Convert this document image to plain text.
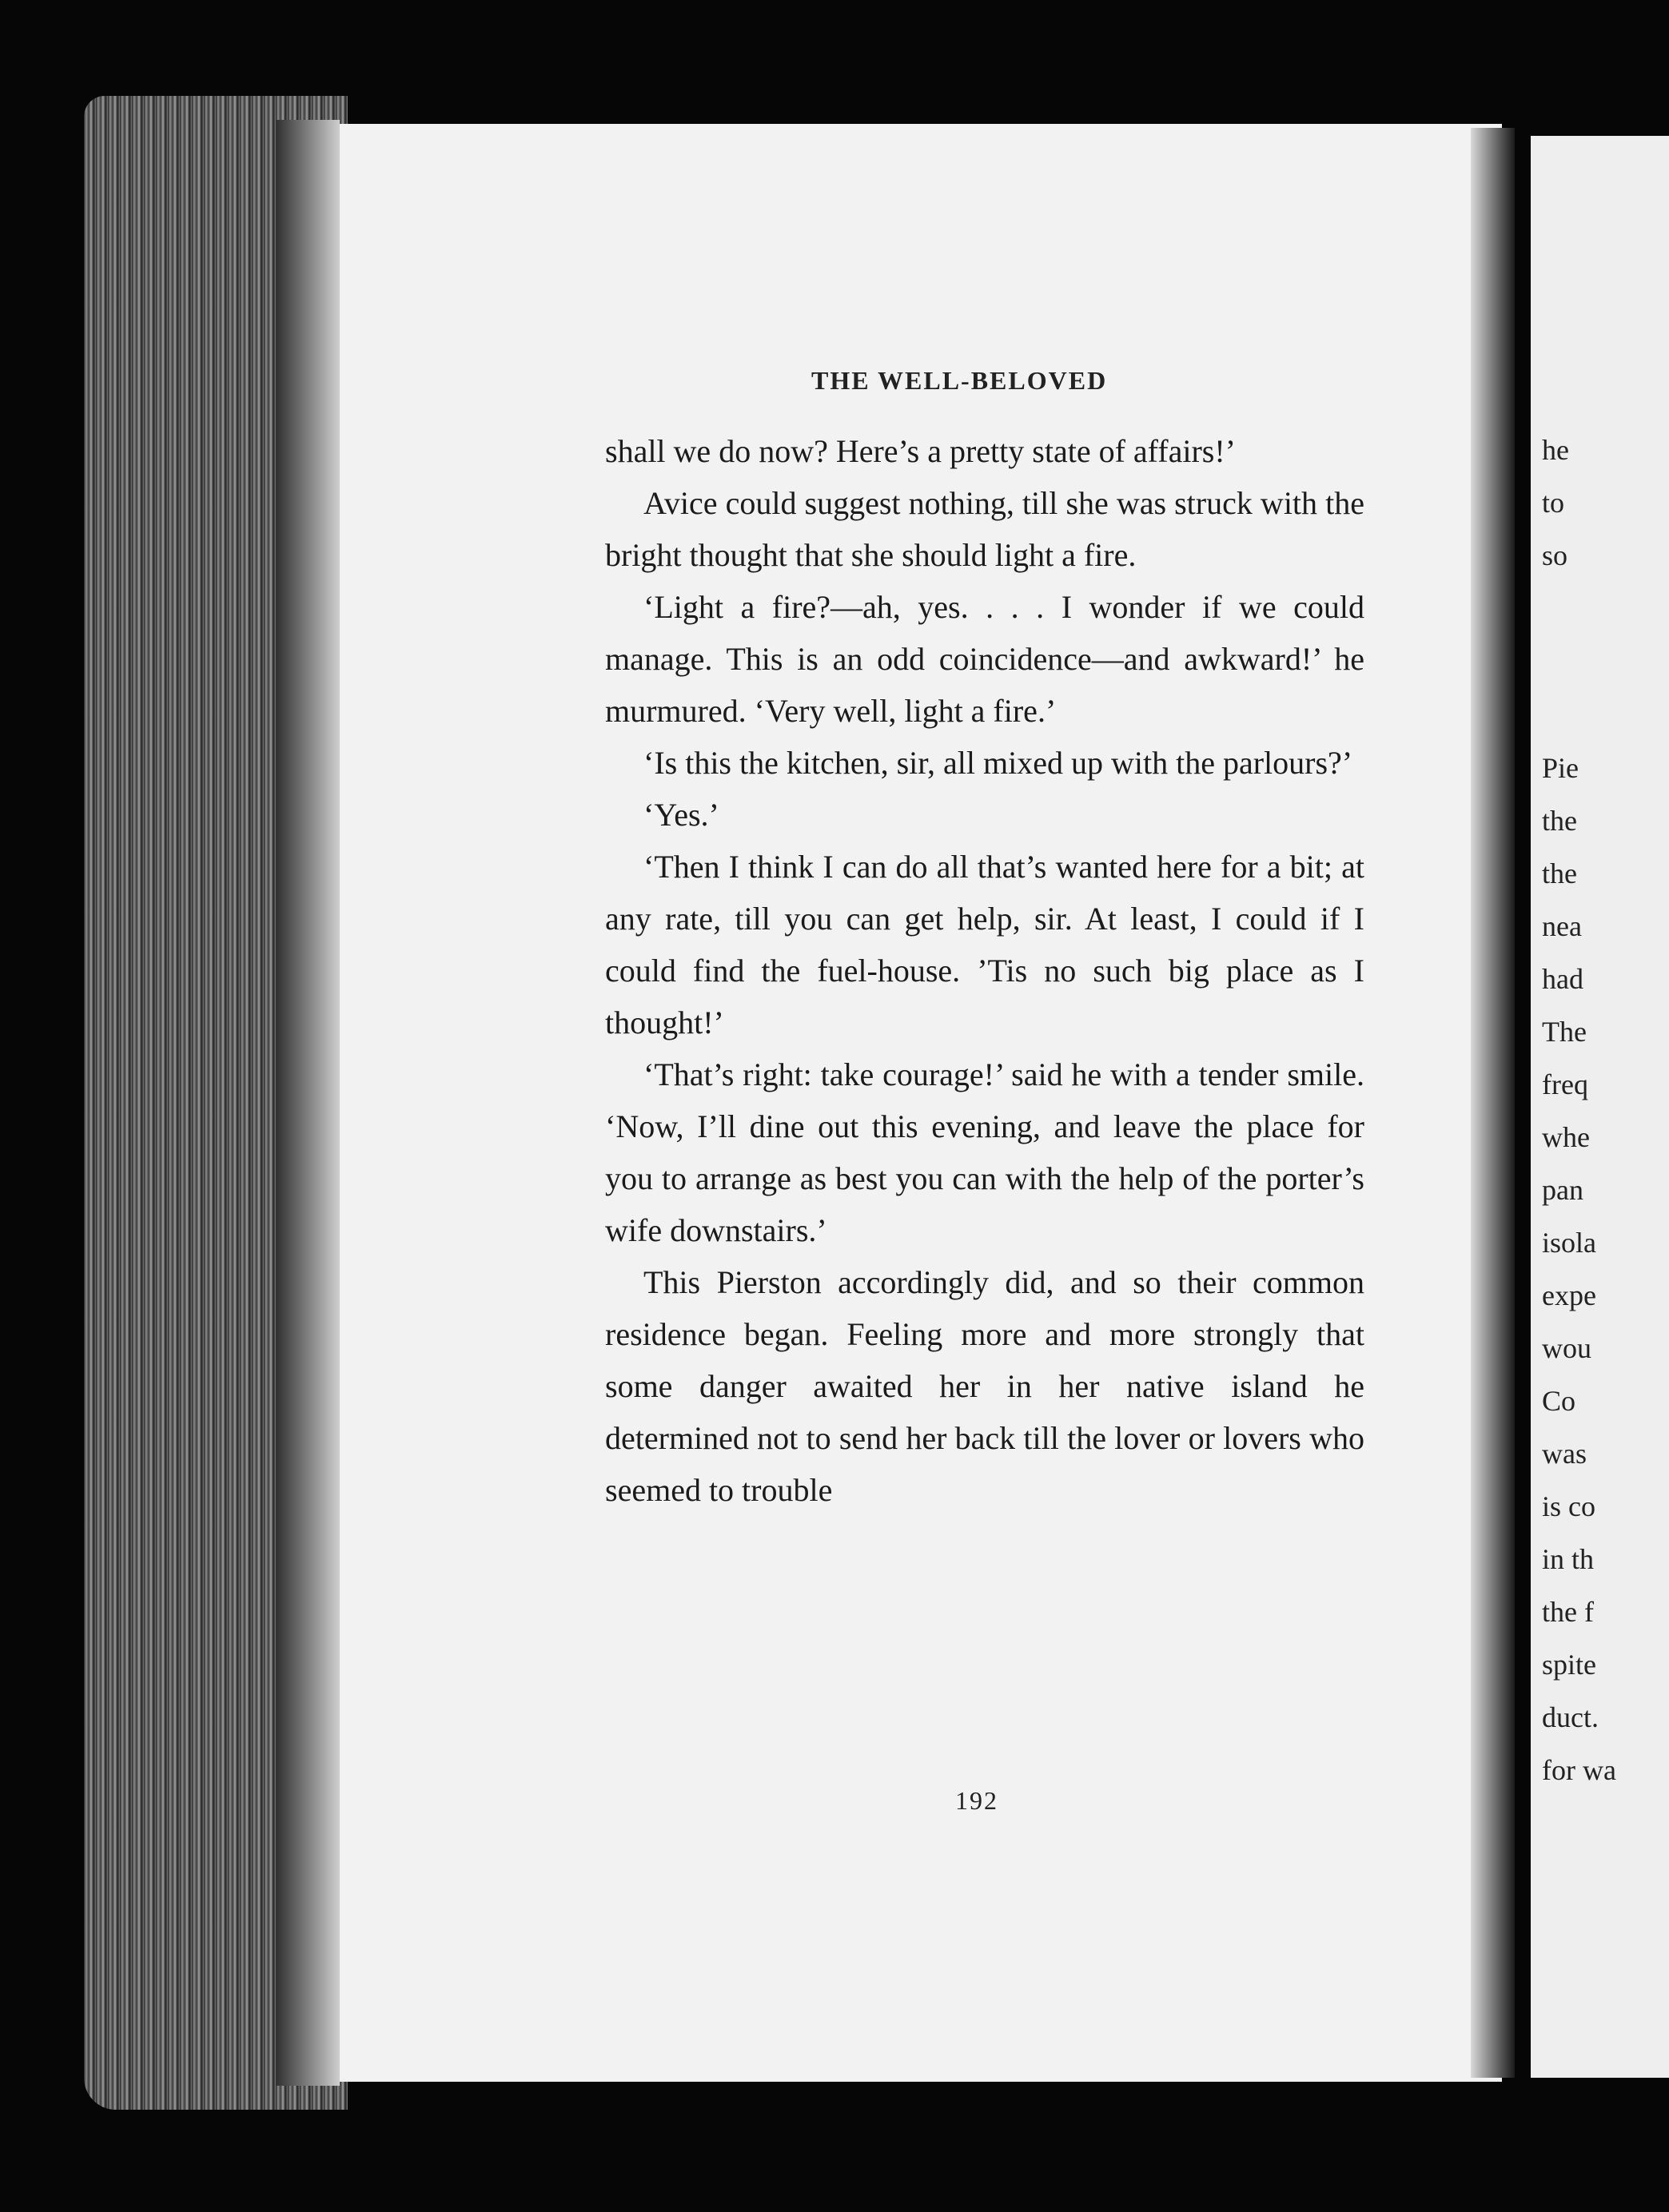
THE WELL-BELOVED

shall we do now? Here’s a pretty state of affairs!’

Avice could suggest nothing, till she was struck with the bright thought that she should light a fire.

‘Light a fire?—ah, yes. . . . I wonder if we could manage. This is an odd coincidence—and awkward!’ he murmured. ‘Very well, light a fire.’

‘Is this the kitchen, sir, all mixed up with the parlours?’

‘Yes.’

‘Then I think I can do all that’s wanted here for a bit; at any rate, till you can get help, sir. At least, I could if I could find the fuel-house. ’Tis no such big place as I thought!’

‘That’s right: take courage!’ said he with a tender smile. ‘Now, I’ll dine out this evening, and leave the place for you to arrange as best you can with the help of the porter’s wife downstairs.’

This Pierston accordingly did, and so their common residence began. Feeling more and more strongly that some danger awaited her in her native island he determined not to send her back till the lover or lovers who seemed to trouble

192
he
to
so
Pie
the
the
nea
had
The
freq
whe
pan
isola
expe
wou
Co
was
is co
in th
the f
spite
duct.
for wa
